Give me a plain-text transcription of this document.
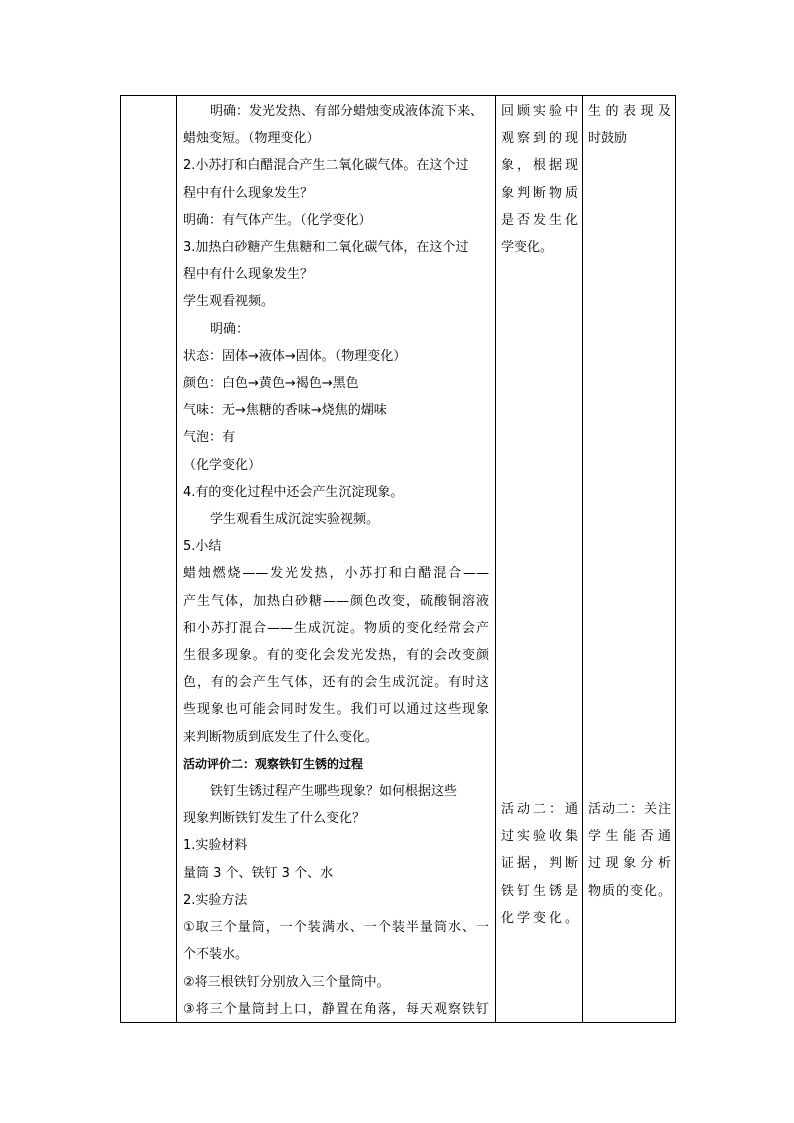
明确：发光发热、有部分蜡烛变成液体流下来、
蜡烛变短。（物理变化）
2.小苏打和白醋混合产生二氧化碳气体。在这个过
程中有什么现象发生？
明确：有气体产生。（化学变化）
3.加热白砂糖产生焦糖和二氧化碳气体，在这个过
程中有什么现象发生？
学生观看视频。
明确：
状态：固体→液体→固体。（物理变化）
颜色：白色→黄色→褐色→黑色
气味：无→焦糖的香味→烧焦的煳味
气泡：有
（化学变化）
4.有的变化过程中还会产生沉淀现象。
学生观看生成沉淀实验视频。
5.小结
蜡烛燃烧——发光发热，小苏打和白醋混合——
产生气体，加热白砂糖——颜色改变，硫酸铜溶液
和小苏打混合——生成沉淀。物质的变化经常会产
生很多现象。有的变化会发光发热，有的会改变颜
色，有的会产生气体，还有的会生成沉淀。有时这
些现象也可能会同时发生。我们可以通过这些现象
来判断物质到底发生了什么变化。
活动评价二：观察铁钉生锈的过程
铁钉生锈过程产生哪些现象？如何根据这些
现象判断铁钉发生了什么变化？
1.实验材料
量筒 3 个、铁钉 3 个、水
2.实验方法
①取三个量筒，一个装满水、一个装半量筒水、一
个不装水。
②将三根铁钉分别放入三个量筒中。
③将三个量筒封上口，静置在角落，每天观察铁钉

回顾实验中
观察到的现
象，根据现
象判断物质
是否发生化
学变化。
活动二：通
过实验收集
证据，判断
铁钉生锈是
化学变化。

生的表现及
时鼓励
活动二：关注
学生能否通
过现象分析
物质的变化。
